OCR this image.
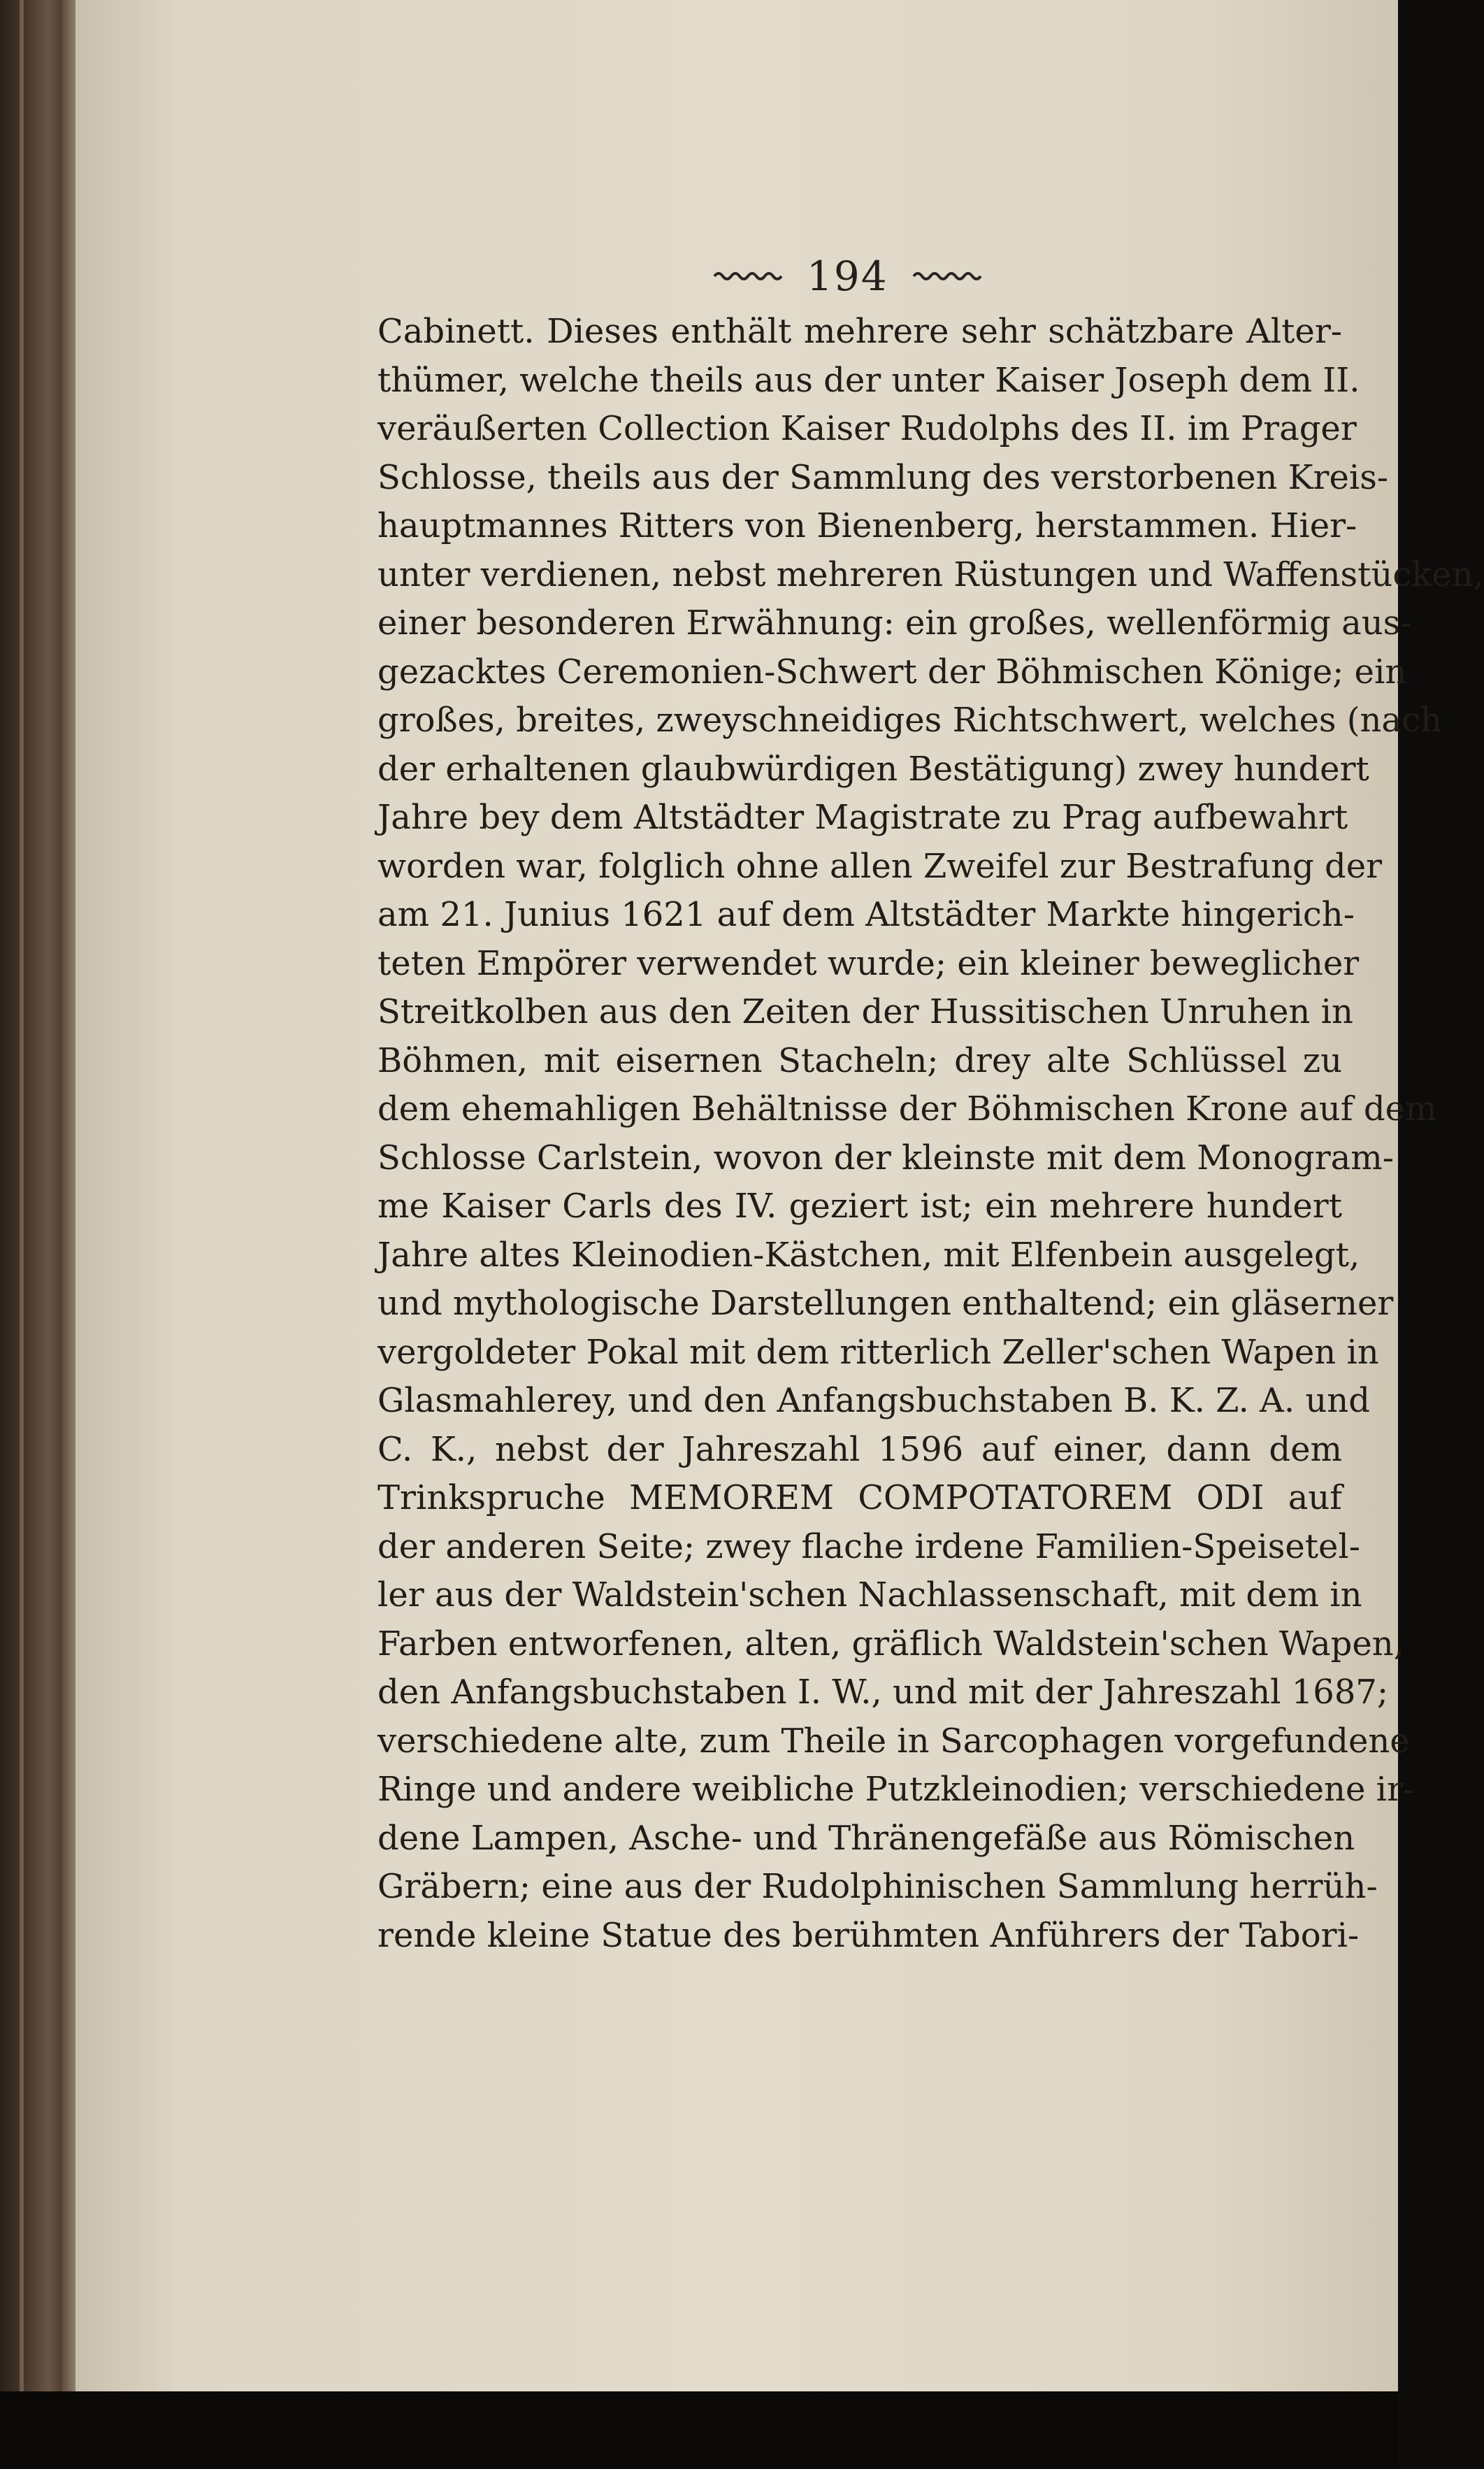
194
Cabinett. Dieses enthält mehrere sehr schätzbare Alter-
thümer, welche theils aus der unter Kaiser Joseph dem II.
veräußerten Collection Kaiser Rudolphs des II. im Prager
Schlosse, theils aus der Sammlung des verstorbenen Kreis-
hauptmannes Ritters von Bienenberg, herstammen. Hier-
unter verdienen, nebst mehreren Rüstungen und Waffenstücken,
einer besonderen Erwähnung: ein großes, wellenförmig aus-
gezacktes Ceremonien-Schwert der Böhmischen Könige; ein
großes, breites, zweyschneidiges Richtschwert, welches (nach
der erhaltenen glaubwürdigen Bestätigung) zwey hundert
Jahre bey dem Altstädter Magistrate zu Prag aufbewahrt
worden war, folglich ohne allen Zweifel zur Bestrafung der
am 21. Junius 1621 auf dem Altstädter Markte hingerich-
teten Empörer verwendet wurde; ein kleiner beweglicher
Streitkolben aus den Zeiten der Hussitischen Unruhen in
Böhmen, mit eisernen Stacheln; drey alte Schlüssel zu
dem ehemahligen Behältnisse der Böhmischen Krone auf dem
Schlosse Carlstein, wovon der kleinste mit dem Monogram-
me Kaiser Carls des IV. geziert ist; ein mehrere hundert
Jahre altes Kleinodien-Kästchen, mit Elfenbein ausgelegt,
und mythologische Darstellungen enthaltend; ein gläserner
vergoldeter Pokal mit dem ritterlich Zeller'schen Wapen in
Glasmahlerey, und den Anfangsbuchstaben B. K. Z. A. und
C. K., nebst der Jahreszahl 1596 auf einer, dann dem
Trinkspruche MEMOREM COMPOTATOREM ODI auf
der anderen Seite; zwey flache irdene Familien-Speisetel-
ler aus der Waldstein'schen Nachlassenschaft, mit dem in
Farben entworfenen, alten, gräflich Waldstein'schen Wapen,
den Anfangsbuchstaben I. W., und mit der Jahreszahl 1687;
verschiedene alte, zum Theile in Sarcophagen vorgefundene
Ringe und andere weibliche Putzkleinodien; verschiedene ir-
dene Lampen, Asche- und Thränengefäße aus Römischen
Gräbern; eine aus der Rudolphinischen Sammlung herrüh-
rende kleine Statue des berühmten Anführers der Tabori-
